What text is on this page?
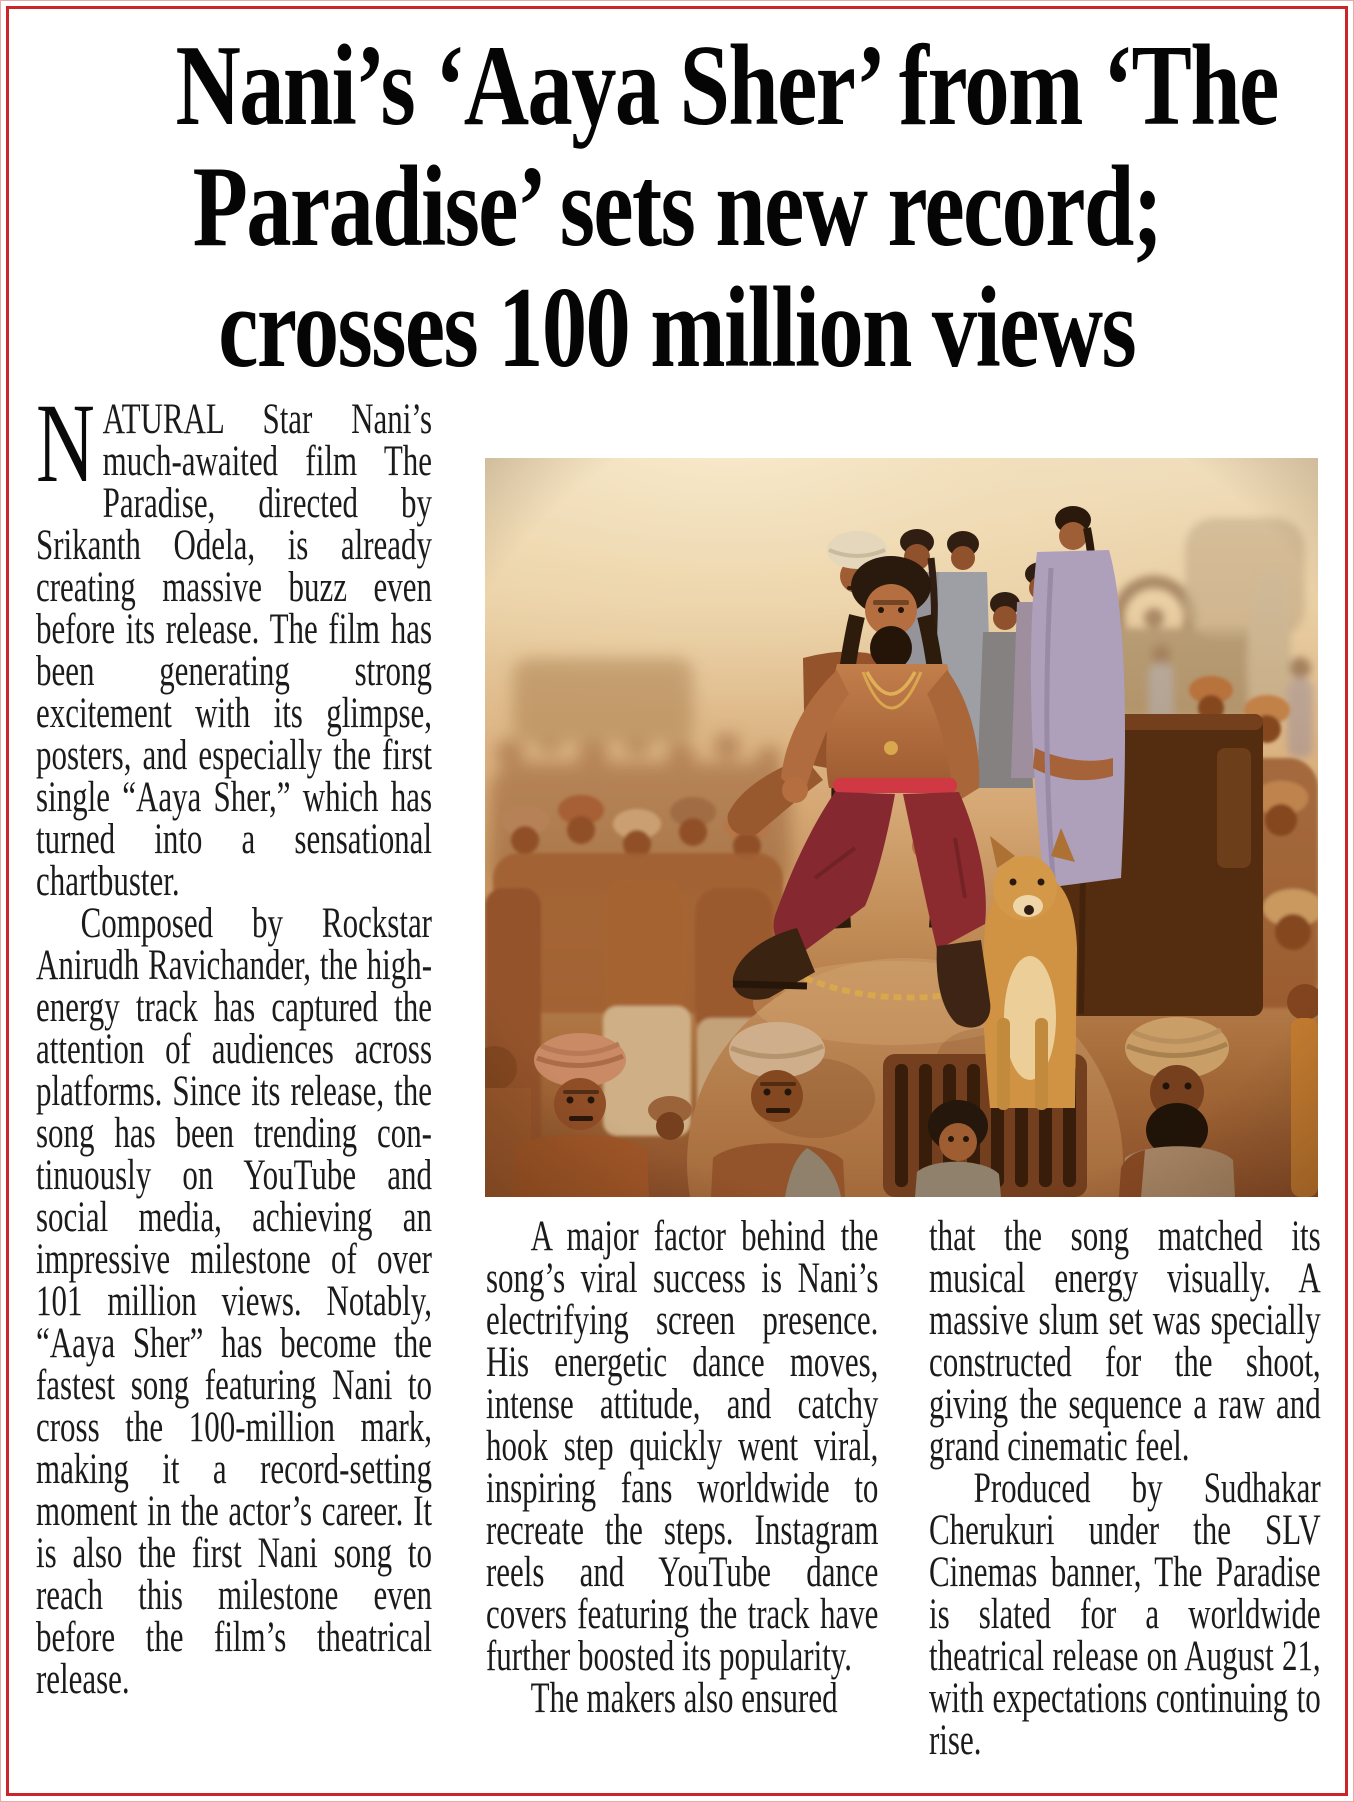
Nani’s ‘Aaya Sher’ from ‘The
Paradise’ sets new record;
crosses 100 million views

NATURAL Star Nani’s much-awaited film The Paradise, directed by Srikanth Odela, is already creating massive buzz even before its release. The film has been generating strong excitement with its glimpse, posters, and especially the first single “Aaya Sher,” which has turned into a sensational chartbuster.

Composed by Rockstar Anirudh Ravichander, the high-energy track has captured the attention of audiences across platforms. Since its release, the song has been trending continuously on YouTube and social media, achieving an impressive milestone of over 101 million views. Notably, “Aaya Sher” has become the fastest song featuring Nani to cross the 100-million mark, making it a record-setting moment in the actor’s career. It is also the first Nani song to reach this milestone even before the film’s theatrical release.

A major factor behind the song’s viral success is Nani’s electrifying screen presence. His energetic dance moves, intense attitude, and catchy hook step quickly went viral, inspiring fans worldwide to recreate the steps. Instagram reels and YouTube dance covers featuring the track have further boosted its popularity.

The makers also ensured

that the song matched its musical energy visually. A massive slum set was specially constructed for the shoot, giving the sequence a raw and grand cinematic feel.

Produced by Sudhakar Cherukuri under the SLV Cinemas banner, The Paradise is slated for a worldwide theatrical release on August 21, with expectations continuing to rise.
